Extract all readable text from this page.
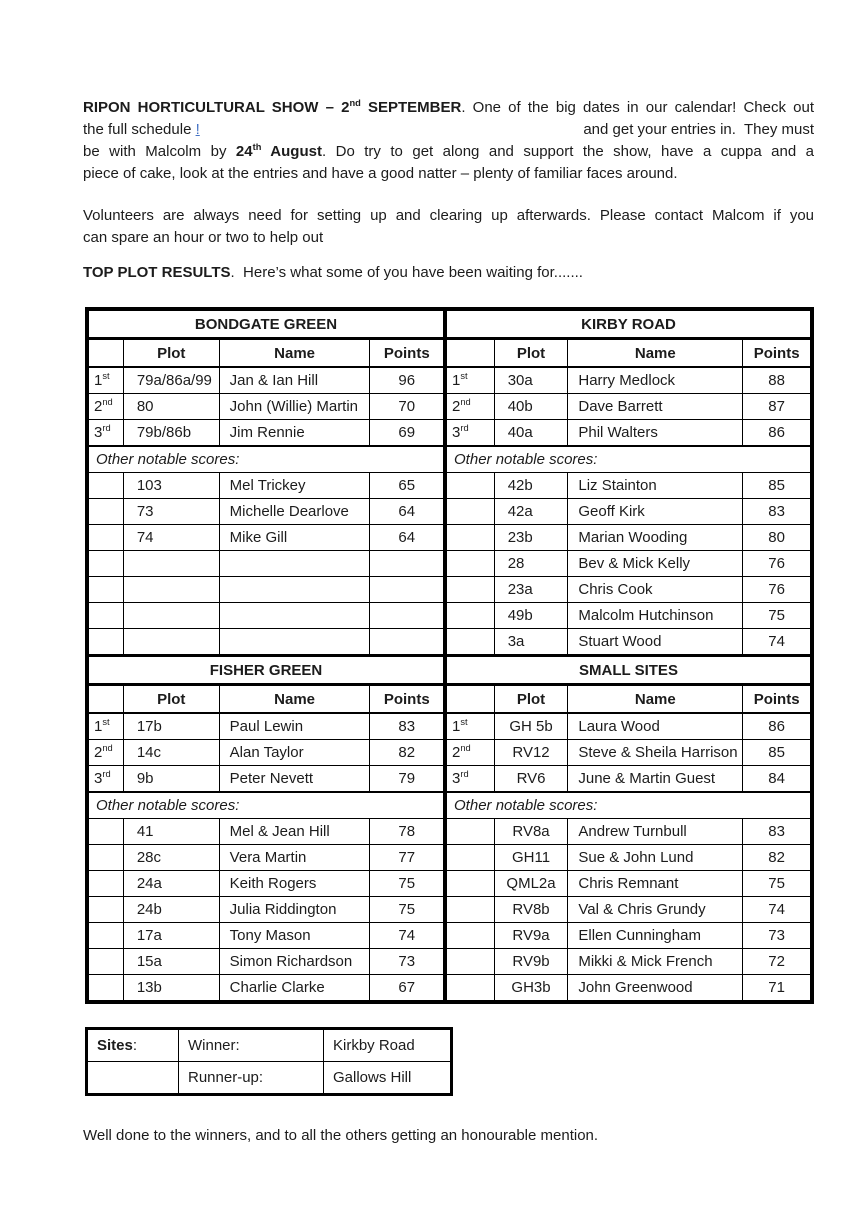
RIPON HORTICULTURAL SHOW – 2nd SEPTEMBER. One of the big dates in our calendar! Check out
the full schedule !	and get your entries in.  They must
be with Malcolm by 24th August. Do try to get along and support the show, have a cuppa and a
piece of cake, look at the entries and have a good natter – plenty of familiar faces around.
Volunteers are always need for setting up and clearing up afterwards. Please contact Malcom if you
can spare an hour or two to help out
TOP PLOT RESULTS.  Here’s what some of you have been waiting for.......
BONDGATE GREEN			
	Plot	Name	Points
1st	79a/86a/99	Jan & Ian Hill	96
2nd	80	John (Willie) Martin	70
3rd	79b/86b	Jim Rennie	69
Other notable scores:			
	103	Mel Trickey	65
	73	Michelle Dearlove	64
	74	Mike Gill	64

FISHER GREEN			
	Plot	Name	Points
1st	17b	Paul Lewin	83
2nd	14c	Alan Taylor	82
3rd	9b	Peter Nevett	79
Other notable scores:			
	41	Mel & Jean Hill	78
	28c	Vera Martin	77
	24a	Keith Rogers	75
	24b	Julia Riddington	75
	17a	Tony Mason	74
	15a	Simon Richardson	73
	13b	Charlie Clarke	67
KIRBY ROAD			
	Plot	Name	Points
1st	30a	Harry Medlock	88
2nd	40b	Dave Barrett	87
3rd	40a	Phil Walters	86
Other notable scores:			
	42b	Liz Stainton	85
	42a	Geoff Kirk	83
	23b	Marian Wooding	80
	28	Bev & Mick Kelly	76
	23a	Chris Cook	76
	49b	Malcolm Hutchinson	75
	3a	Stuart Wood	74
SMALL SITES			
	Plot	Name	Points
1st	GH 5b	Laura Wood	86
2nd	RV12	Steve & Sheila Harrison	85
3rd	RV6	June & Martin Guest	84
Other notable scores:			
	RV8a	Andrew Turnbull	83
	GH11	Sue & John Lund	82
	QML2a	Chris Remnant	75
	RV8b	Val & Chris Grundy	74
	RV9a	Ellen Cunningham	73
	RV9b	Mikki & Mick French	72
	GH3b	John Greenwood	71
Sites:	Winner:	Kirkby Road
	Runner-up:	Gallows Hill

Well done to the winners, and to all the others getting an honourable mention.
